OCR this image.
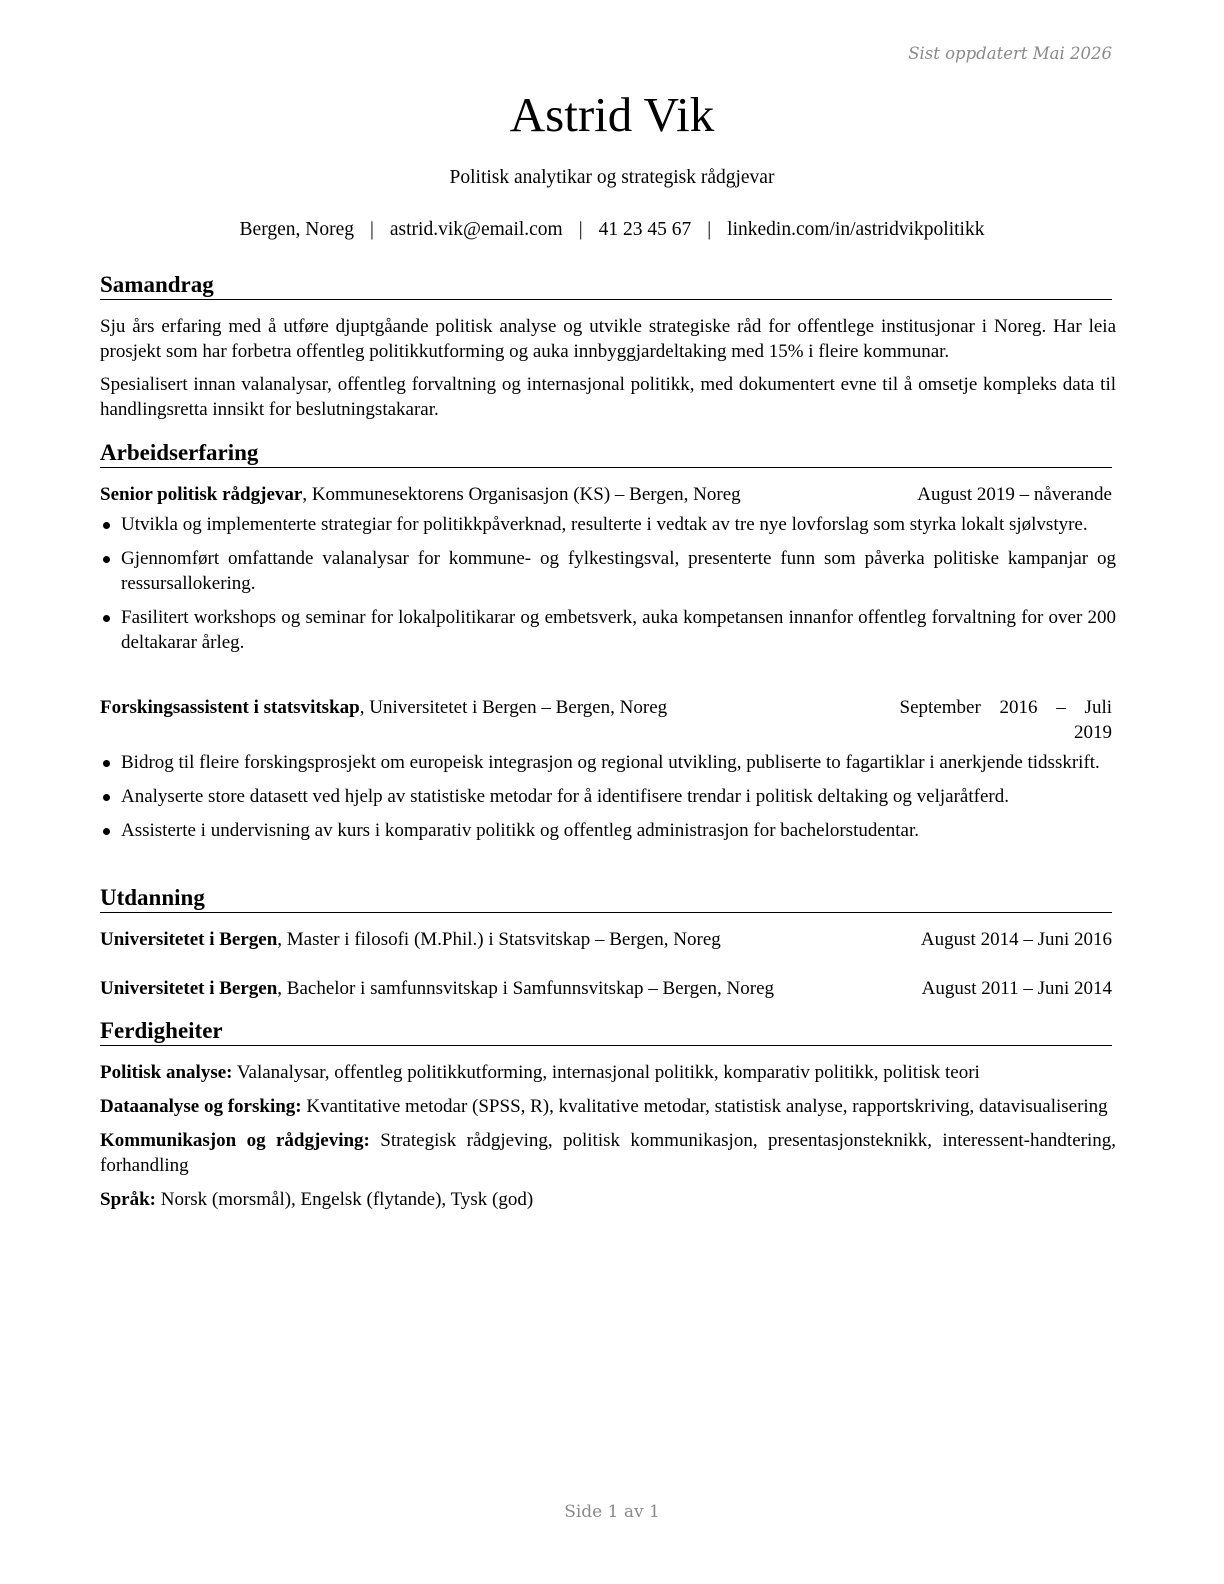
Sist oppdatert Mai 2026
Astrid Vik
Politisk analytikar og strategisk rådgjevar
Bergen, Noreg | astrid.vik@email.com | 41 23 45 67 | linkedin.com/in/astridvikpolitikk
Samandrag
Sju års erfaring med å utføre djuptgåande politisk analyse og utvikle strategiske råd for offentlege institusjonar i Noreg. Har leia prosjekt som har forbetra offentleg politikkutforming og auka innbyggjardeltaking med 15% i fleire kommunar.
Spesialisert innan valanalysar, offentleg forvaltning og internasjonal politikk, med dokumentert evne til å omsetje kompleks data til handlingsretta innsikt for beslutningstakarar.
Arbeidserfaring
Senior politisk rådgjevar, Kommunesektorens Organisasjon (KS) – Bergen, Noreg	August 2019 – nåverande
Utvikla og implementerte strategiar for politikkpåverknad, resulterte i vedtak av tre nye lovforslag som styrka lokalt sjølvstyre.
Gjennomført omfattande valanalysar for kommune- og fylkestingsval, presenterte funn som påverka politiske kampanjar og ressursallokering.
Fasilitert workshops og seminar for lokalpolitikarar og embetsverk, auka kompetansen innanfor offentleg forvaltning for over 200 deltakarar årleg.
Forskingsassistent i statsvitskap, Universitetet i Bergen – Bergen, Noreg	September 2016 – Juli
2019
Bidrog til fleire forskingsprosjekt om europeisk integrasjon og regional utvikling, publiserte to fagartiklar i anerkjende tidsskrift.
Analyserte store datasett ved hjelp av statistiske metodar for å identifisere trendar i politisk deltaking og veljaråtferd.
Assisterte i undervisning av kurs i komparativ politikk og offentleg administrasjon for bachelorstudentar.
Utdanning
Universitetet i Bergen, Master i filosofi (M.Phil.) i Statsvitskap – Bergen, Noreg	August 2014 – Juni 2016
Universitetet i Bergen, Bachelor i samfunnsvitskap i Samfunnsvitskap – Bergen, Noreg	August 2011 – Juni 2014
Ferdigheiter
Politisk analyse: Valanalysar, offentleg politikkutforming, internasjonal politikk, komparativ politikk, politisk teori
Dataanalyse og forsking: Kvantitative metodar (SPSS, R), kvalitative metodar, statistisk analyse, rapportskriving, datavisualisering
Kommunikasjon og rådgjeving: Strategisk rådgjeving, politisk kommunikasjon, presentasjonsteknikk, interessent-handtering, forhandling
Språk: Norsk (morsmål), Engelsk (flytande), Tysk (god)
Side 1 av 1
